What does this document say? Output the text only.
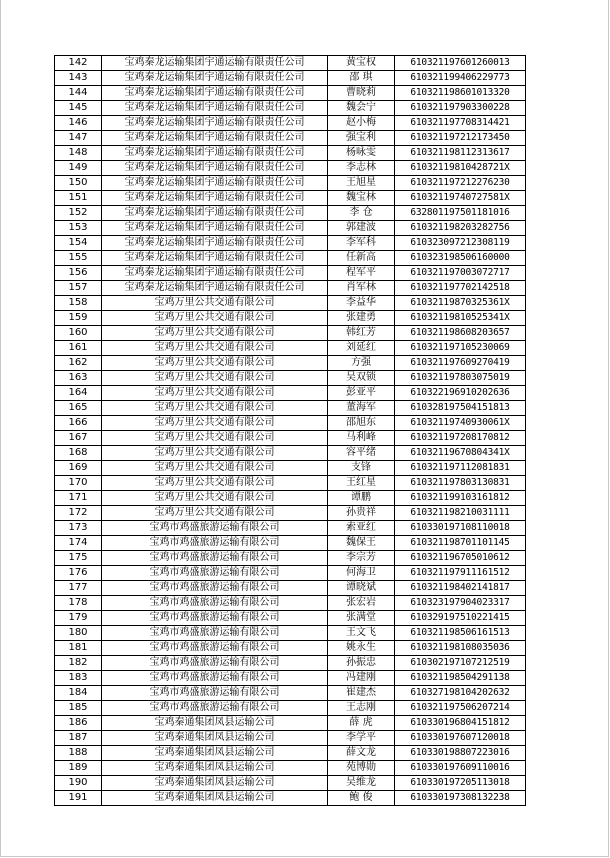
142	宝鸡秦龙运输集团宇通运输有限责任公司	黄宝权	610321197601260013
143	宝鸡秦龙运输集团宇通运输有限责任公司	邵 琪	610321199406229773
144	宝鸡秦龙运输集团宇通运输有限责任公司	曹晓莉	610321198601013320
145	宝鸡秦龙运输集团宇通运输有限责任公司	魏会宁	610321197903300228
146	宝鸡秦龙运输集团宇通运输有限责任公司	赵小梅	610321197708314421
147	宝鸡秦龙运输集团宇通运输有限责任公司	强宝利	610321197212173450
148	宝鸡秦龙运输集团宇通运输有限责任公司	杨咏雯	610321198112313617
149	宝鸡秦龙运输集团宇通运输有限责任公司	李志林	61032119810428721X
150	宝鸡秦龙运输集团宇通运输有限责任公司	王旭星	610321197212276230
151	宝鸡秦龙运输集团宇通运输有限责任公司	魏宝林	61032119740727581X
152	宝鸡秦龙运输集团宇通运输有限责任公司	李 仓	632801197501181016
153	宝鸡秦龙运输集团宇通运输有限责任公司	郭建波	610321198203282756
154	宝鸡秦龙运输集团宇通运输有限责任公司	李军科	610323097212308119
155	宝鸡秦龙运输集团宇通运输有限责任公司	任新高	610323198506160000
156	宝鸡秦龙运输集团宇通运输有限责任公司	程军平	610321197003072717
157	宝鸡秦龙运输集团宇通运输有限责任公司	肖军林	610321197702142518
158	宝鸡万里公共交通有限公司	李益华	61032119870325361X
159	宝鸡万里公共交通有限公司	张建勇	61032119810525341X
160	宝鸡万里公共交通有限公司	韩红芳	610321198608203657
161	宝鸡万里公共交通有限公司	刘延红	610321197105230069
162	宝鸡万里公共交通有限公司	方强	610321197609270419
163	宝鸡万里公共交通有限公司	吴双锁	610321197803075019
164	宝鸡万里公共交通有限公司	彭亚平	610322196910202636
165	宝鸡万里公共交通有限公司	董海军	610328197504151813
166	宝鸡万里公共交通有限公司	邵旭东	61032119740930061X
167	宝鸡万里公共交通有限公司	马利峰	610321197208170812
168	宝鸡万里公共交通有限公司	容平绪	61032119670804341X
169	宝鸡万里公共交通有限公司	支锋	610321197112081831
170	宝鸡万里公共交通有限公司	王红星	610321197803130831
171	宝鸡万里公共交通有限公司	谭鹏	610321199103161812
172	宝鸡万里公共交通有限公司	孙贵祥	610321198210031111
173	宝鸡市鸡盛旅游运输有限公司	索亚红	610330197108110018
174	宝鸡市鸡盛旅游运输有限公司	魏保王	610321198701101145
175	宝鸡市鸡盛旅游运输有限公司	李宗芳	610321196705010612
176	宝鸡市鸡盛旅游运输有限公司	何海卫	610321197911161512
177	宝鸡市鸡盛旅游运输有限公司	谭晓斌	610321198402141817
178	宝鸡市鸡盛旅游运输有限公司	张宏岩	610323197904023317
179	宝鸡市鸡盛旅游运输有限公司	张满堂	610329197510221415
180	宝鸡市鸡盛旅游运输有限公司	王文飞	610321198506161513
181	宝鸡市鸡盛旅游运输有限公司	姚永生	610321198108035036
182	宝鸡市鸡盛旅游运输有限公司	孙振忠	610302197107212519
183	宝鸡市鸡盛旅游运输有限公司	冯建刚	610321198504291138
184	宝鸡市鸡盛旅游运输有限公司	崔建杰	610327198104202632
185	宝鸡市鸡盛旅游运输有限公司	王志刚	610321197506207214
186	宝鸡秦通集团凤县运输公司	薛 虎	610330196804151812
187	宝鸡秦通集团凤县运输公司	李学平	610330197607120018
188	宝鸡秦通集团凤县运输公司	薛文龙	610330198807223016
189	宝鸡秦通集团凤县运输公司	苑博勋	610330197609110016
190	宝鸡秦通集团凤县运输公司	吴维龙	610330197205113018
191	宝鸡秦通集团凤县运输公司	鲍 俊	610330197308132238
